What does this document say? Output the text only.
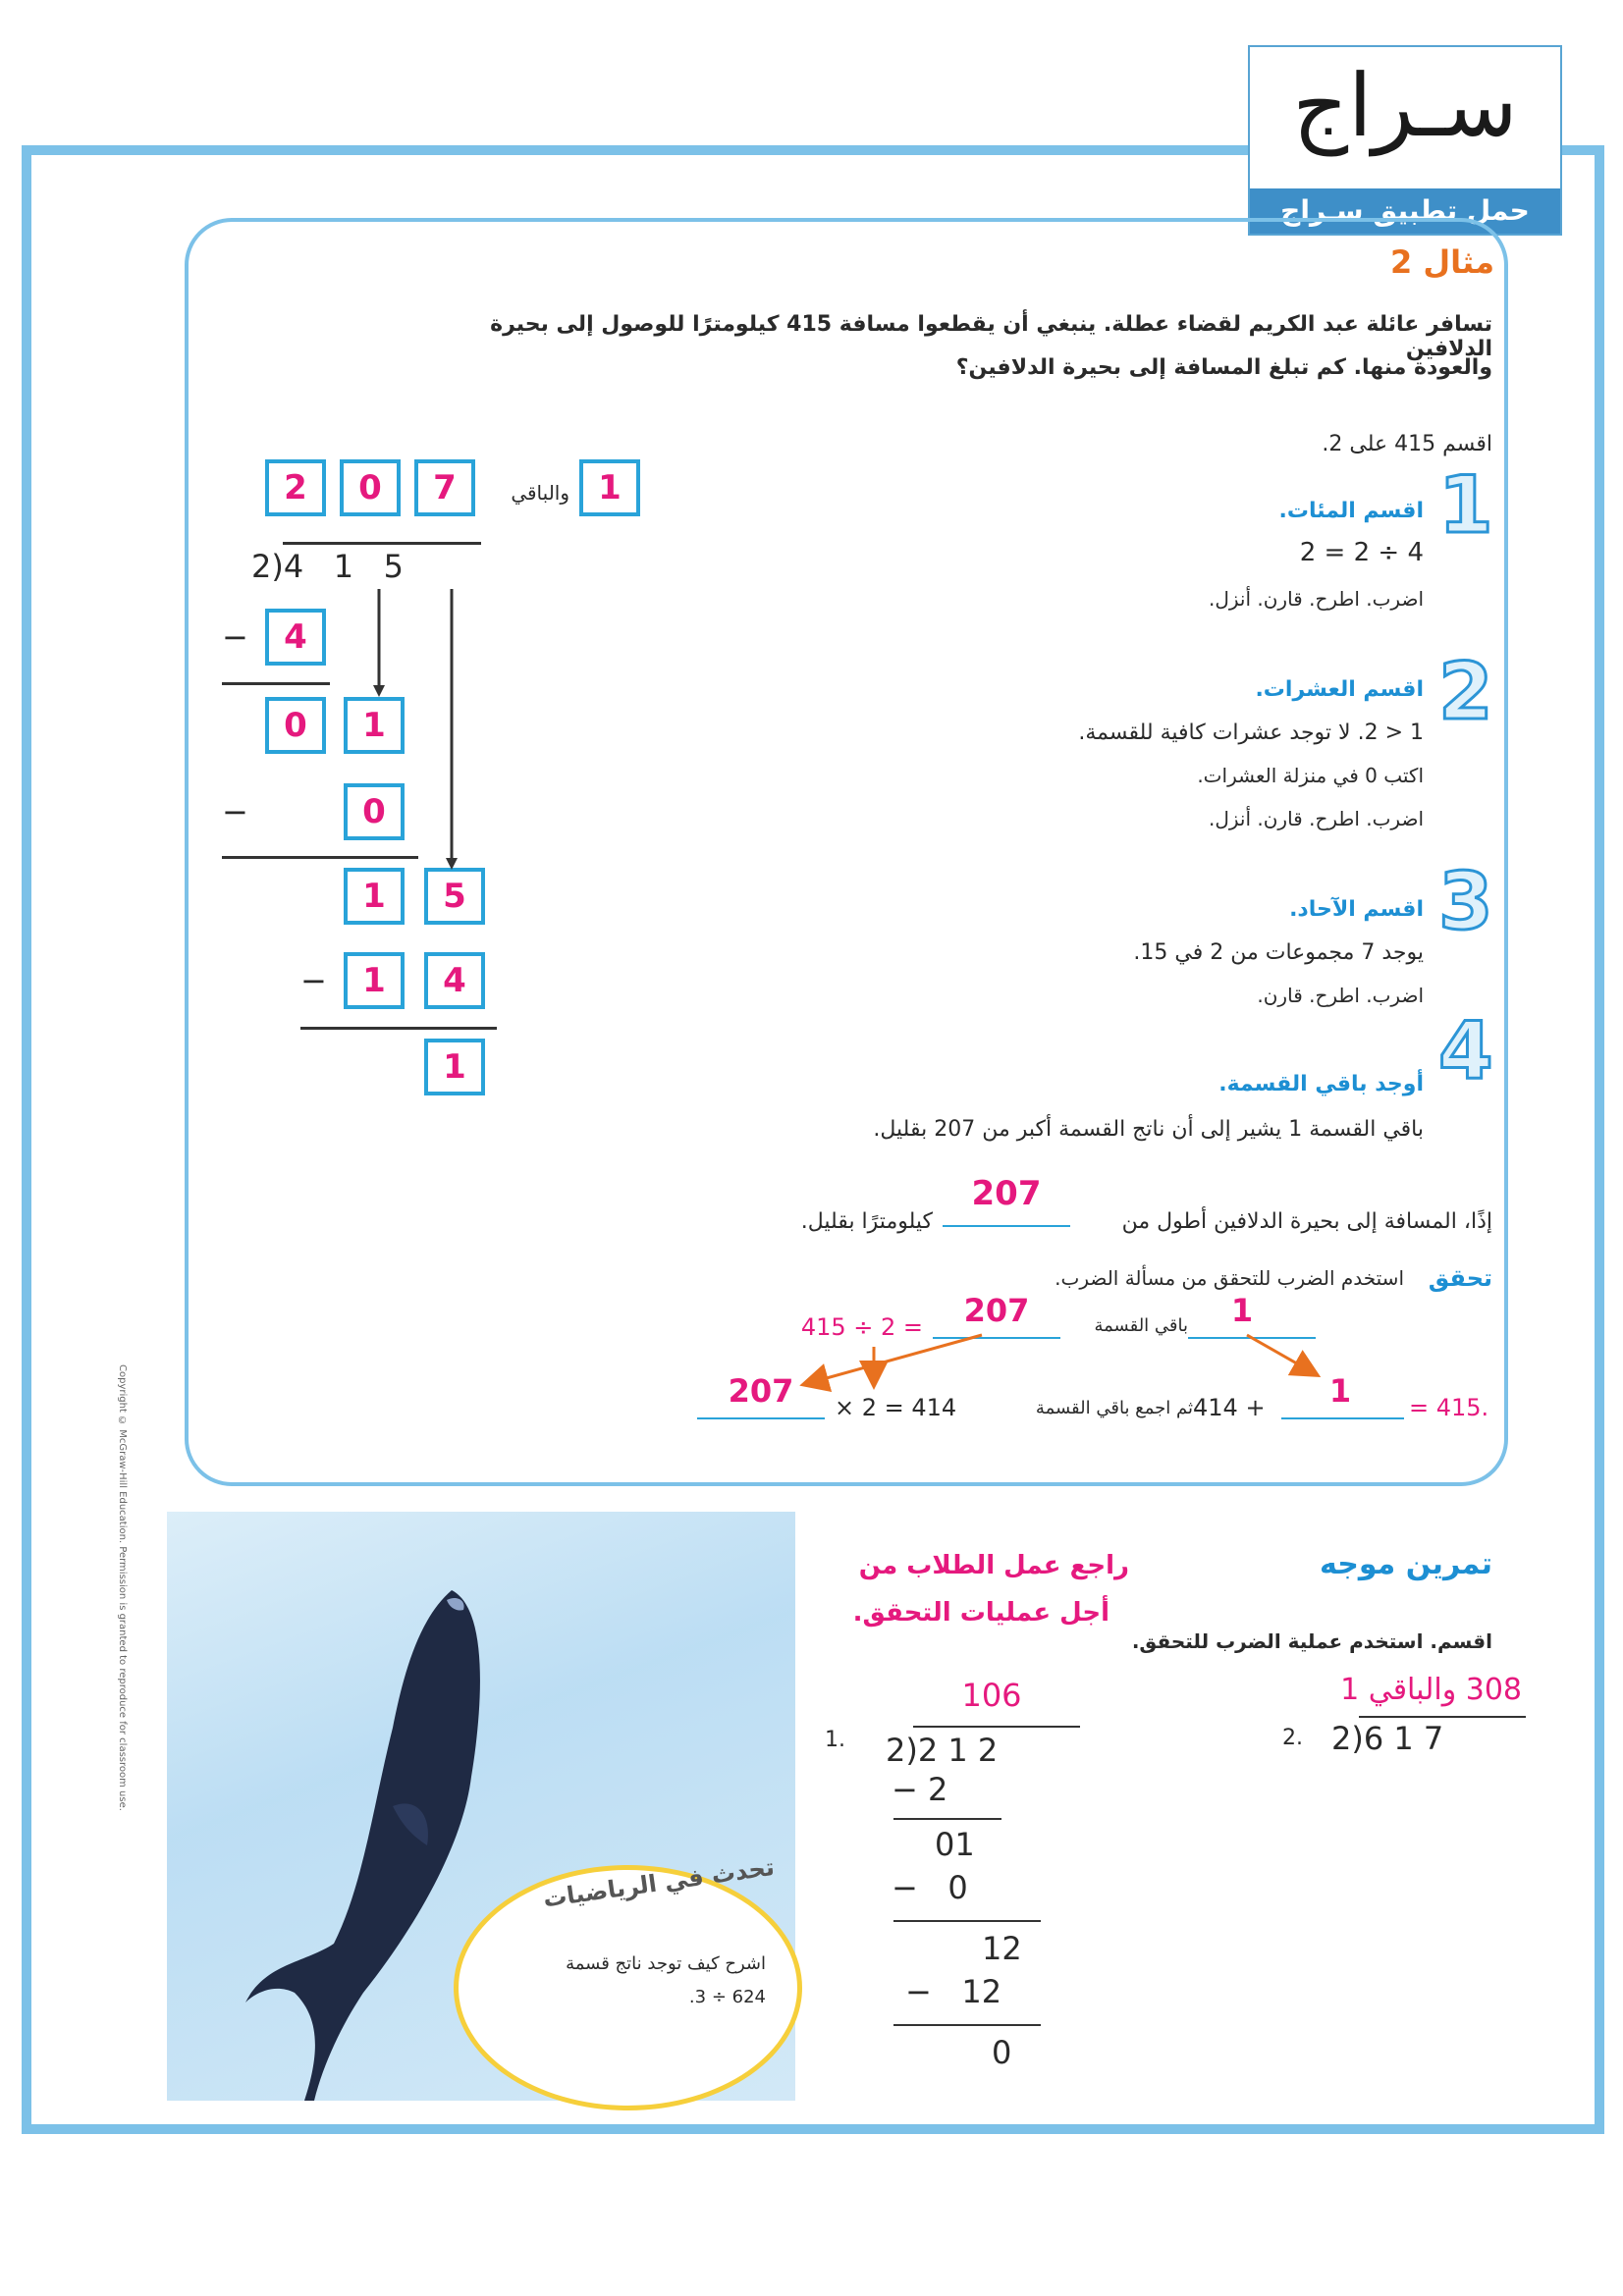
سـراج
حمل تطبيق سـراج
مثال 2
تسافر عائلة عبد الكريم لقضاء عطلة. ينبغي أن يقطعوا مسافة 415 كيلومترًا للوصول إلى بحيرة الدلافين
والعودة منها. كم تبلغ المسافة إلى بحيرة الدلافين؟
اقسم 415 على 2.
1
2
3
4
اقسم المئات.
4 ÷ 2 = 2
اضرب. اطرح. قارن. أنزل.
اقسم العشرات.
1 < 2. لا توجد عشرات كافية للقسمة.
اكتب 0 في منزلة العشرات.
اضرب. اطرح. قارن. أنزل.
اقسم الآحاد.
يوجد 7 مجموعات من 2 في 15.
اضرب. اطرح. قارن.
أوجد باقي القسمة.
باقي القسمة 1 يشير إلى أن ناتج القسمة أكبر من 207 بقليل.
إذًا، المسافة إلى بحيرة الدلافين أطول من
207
كيلومترًا بقليل.
تحقق
استخدم الضرب للتحقق من مسألة الضرب.
415 ÷ 2 =	207	باقي القسمة	1
207	× 2 = 414	ثم اجمع باقي القسمة 414 +	1	= 415.
2	0	7	والباقي 1
2)4   1   5
−	4
0	1
−	0
1	5
−	1	4
1
Copyright © McGraw-Hill Education. Permission is granted to reproduce for classroom use.
تحدث في الرياضيات
اشرح كيف توجد ناتج قسمة
624 ÷ 3.
تمرين موجه
راجع عمل الطلاب من
أجل عمليات التحقق.
اقسم. استخدم عملية الضرب للتحقق.
1.
106
2)2 1 2
− 2
01
−   0
12
−   12
0
2.
308 والباقي 1
2)6 1 7
